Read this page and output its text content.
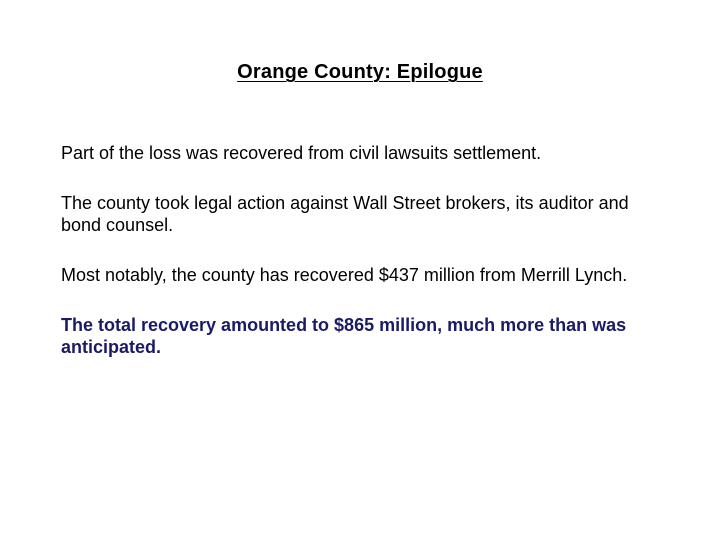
Orange County: Epilogue

Part of the loss was recovered from civil lawsuits settlement.

The county took legal action against Wall Street brokers, its auditor and bond counsel.

Most notably, the county has recovered $437 million from Merrill Lynch.

The total recovery amounted to $865 million, much more than was anticipated.
